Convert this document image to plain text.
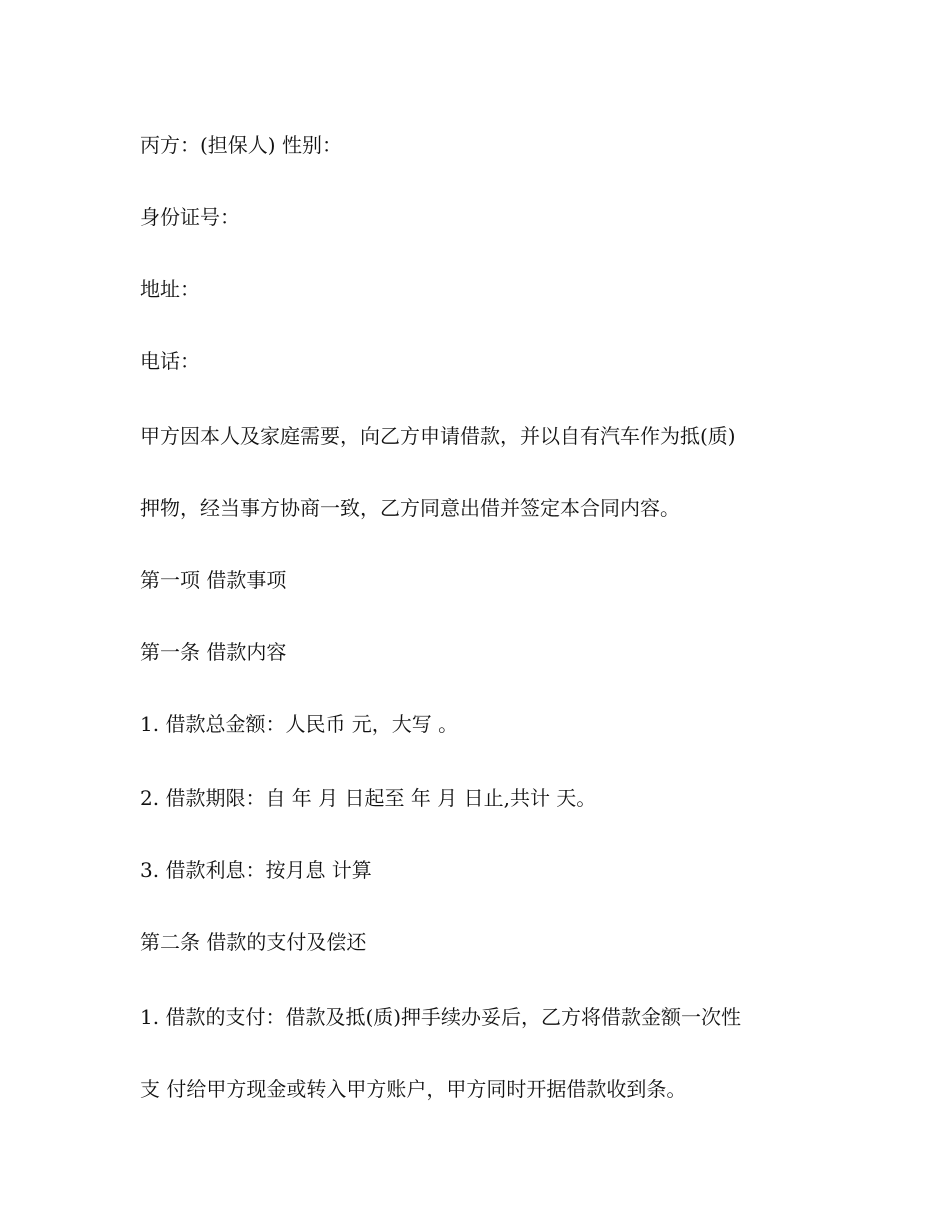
丙方：(担保人) 性别：
身份证号：
地址：
电话：
甲方因本人及家庭需要，向乙方申请借款，并以自有汽车作为抵(质)
押物，经当事方协商一致，乙方同意出借并签定本合同内容。
第一项 借款事项
第一条 借款内容
1. 借款总金额：人民币 元，大写 。
2. 借款期限：自 年 月 日起至 年 月 日止,共计 天。
3. 借款利息：按月息 计算
第二条 借款的支付及偿还
1. 借款的支付：借款及抵(质)押手续办妥后，乙方将借款金额一次性
支 付给甲方现金或转入甲方账户，甲方同时开据借款收到条。
